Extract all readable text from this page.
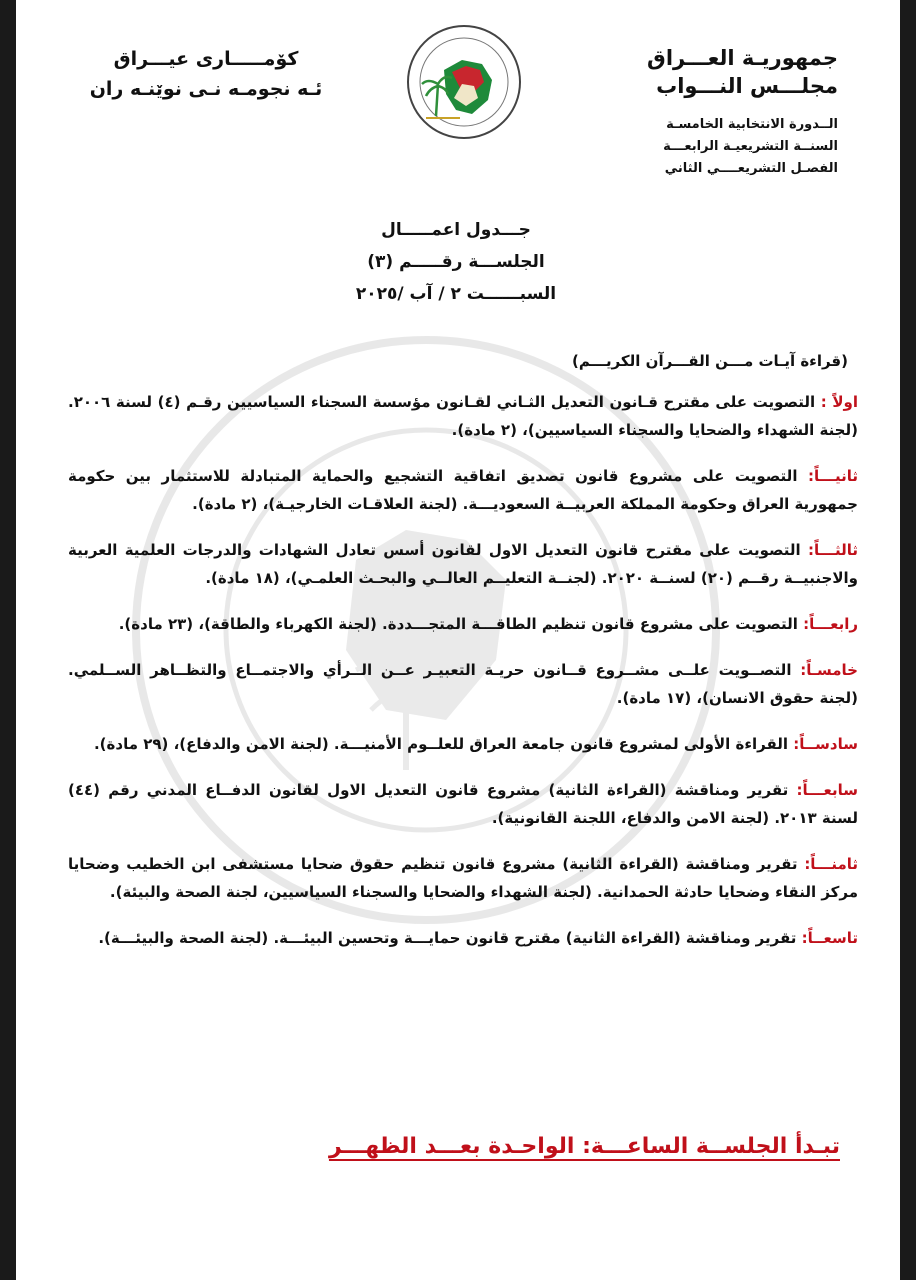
جمهوريـة العـــراق
مجلـــس النـــواب
الــدورة الانتخابية الخامسـة
السنــة التشريعيـة الرابعـــة
الفصـل التشريعــــي الثاني
كۆمـــــاری عیـــراق
ئـه نجومـه نـی نوێنـه ران
جـــدول اعمـــــال
الجلســـة رقـــــم (٣)
السبــــــت ٢ / آب /٢٠٢٥
(قراءة آيـات مـــن القـــرآن الكريـــم)
اولاً : التصويت على مقترح قـانون التعديل الثـاني لقـانون مؤسسة السجناء السياسيين رقـم (٤) لسنة ٢٠٠٦. (لجنة الشهداء والضحايا والسجناء السياسيين)، (٢ مادة).
ثانيـــاً: التصويت على مشروع قانون تصديق اتفاقية التشجيع والحماية المتبادلة للاستثمار بين حكومة جمهورية العراق وحكومة المملكة العربيــة السعوديـــة. (لجنة العلاقـات الخارجيـة)، (٢ مادة).
ثالثـــاً: التصويت على مقترح قانون التعديل الاول لقانون أسس تعادل الشهادات والدرجات العلمية العربية والاجنبيــة رقــم (٢٠) لسنــة ٢٠٢٠. (لجنــة التعليــم العالــي والبحـث العلمـي)، (١٨ مادة).
رابعـــاً: التصويت على مشروع قانون تنظيم الطاقـــة المتجـــددة. (لجنة الكهرباء والطاقة)، (٢٣ مادة).
خامسـاً: التصــويت علــى مشــروع قــانون حريـة التعبيـر عــن الــرأي والاجتمــاع والتظــاهر الســلمي. (لجنة حقوق الانسان)، (١٧ مادة).
سادســاً: القراءة الأولى لمشروع قانون جامعة العراق للعلــوم الأمنيـــة. (لجنة الامن والدفاع)، (٢٩ مادة).
سابعـــاً: تقرير ومناقشة (القراءة الثانية) مشروع قانون التعديل الاول لقانون الدفــاع المدني رقم (٤٤) لسنة ٢٠١٣. (لجنة الامن والدفاع، اللجنة القانونية).
ثامنـــاً: تقرير ومناقشة (القراءة الثانية) مشروع قانون تنظيم حقوق ضحايا مستشفى ابن الخطيب وضحايا مركز النقاء وضحايا حادثة الحمدانية. (لجنة الشهداء والضحايا والسجناء السياسيين، لجنة الصحة والبيئة).
تاسعــاً: تقرير ومناقشة (القراءة الثانية) مقترح قانون حمايـــة وتحسين البيئـــة. (لجنة الصحة والبيئـــة).
تبـدأ الجلســة الساعـــة: الواحـدة بعـــد الظهـــر
